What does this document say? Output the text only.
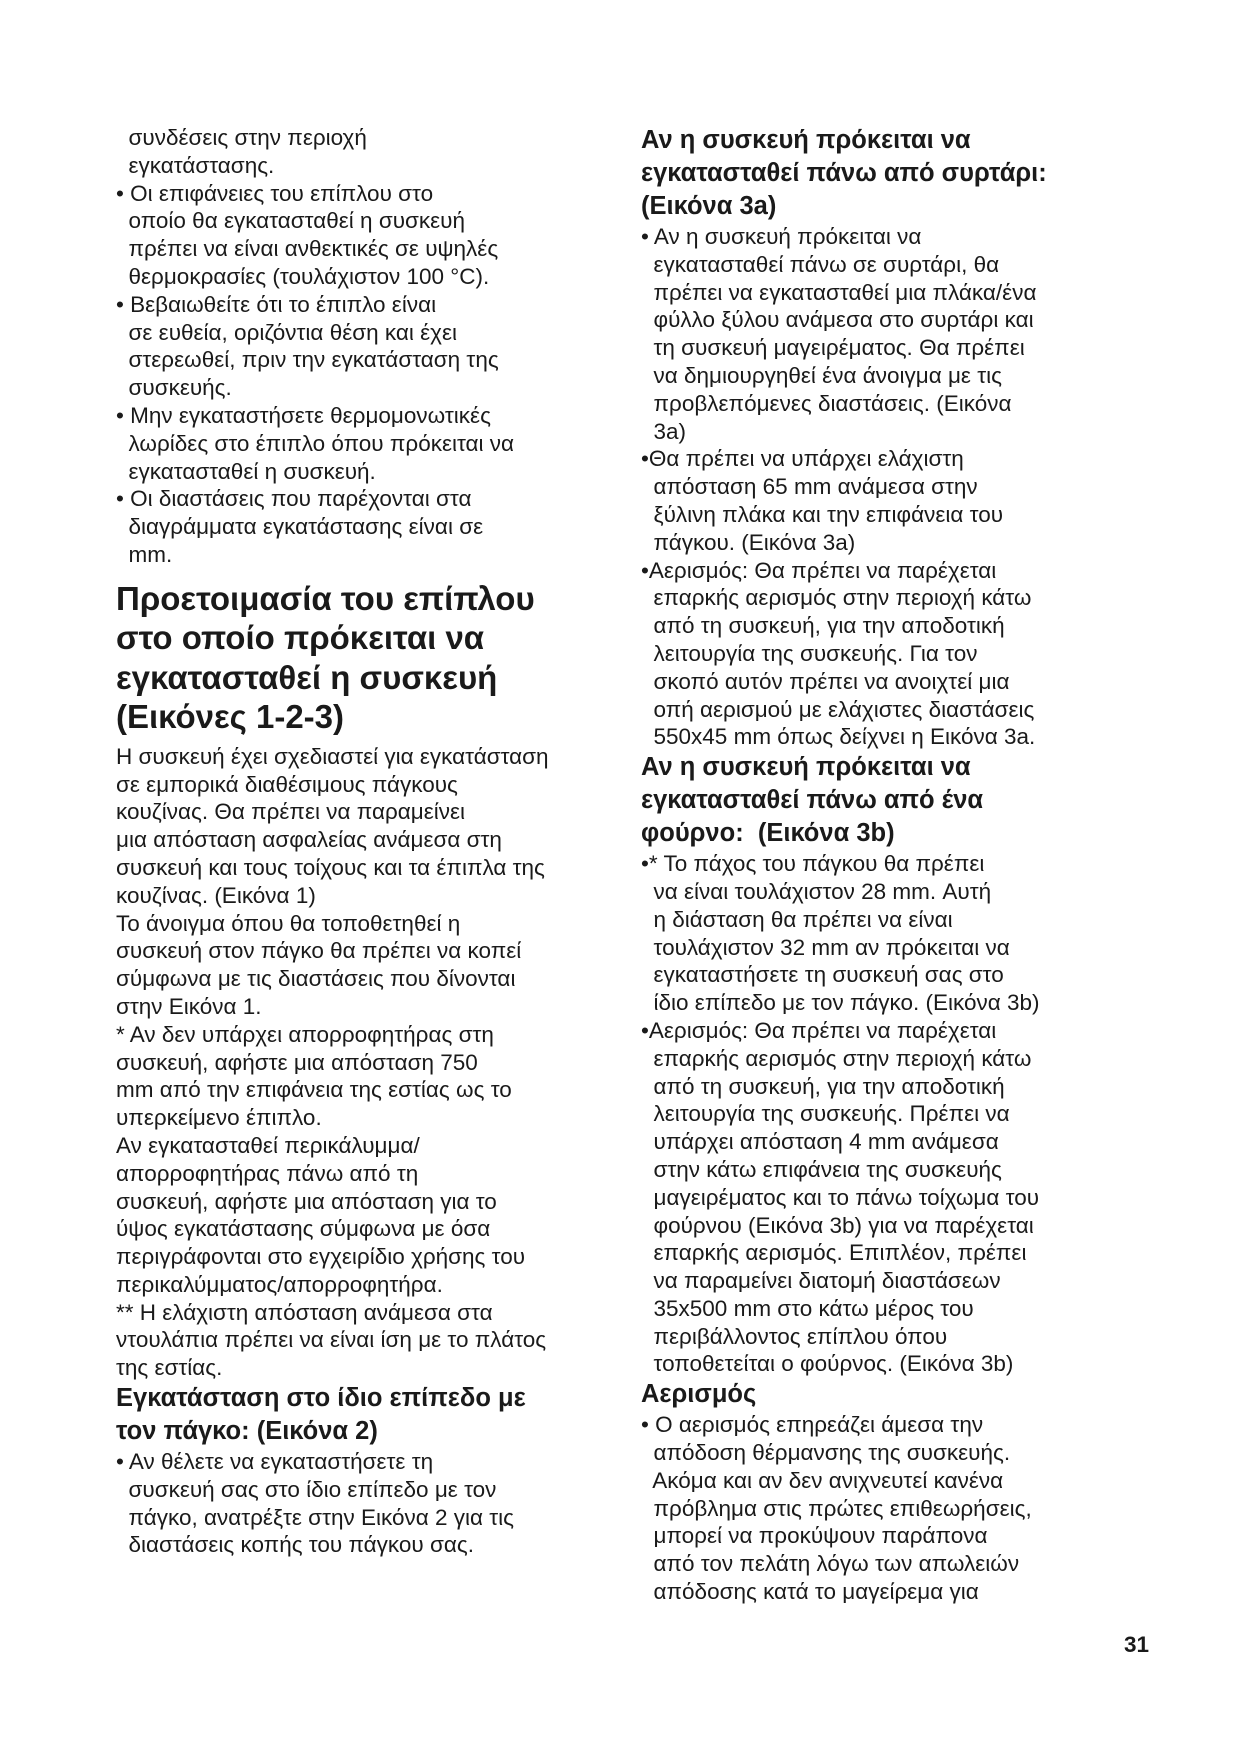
συνδέσεις στην περιοχή
εγκατάστασης.
• Οι επιφάνειες του επίπλου στο
οποίο θα εγκατασταθεί η συσκευή
πρέπει να είναι ανθεκτικές σε υψηλές
θερμοκρασίες (τουλάχιστον 100 °C).
• Βεβαιωθείτε ότι το έπιπλο είναι
σε ευθεία, οριζόντια θέση και έχει
στερεωθεί, πριν την εγκατάσταση της
συσκευής.
• Μην εγκαταστήσετε θερμομονωτικές
λωρίδες στο έπιπλο όπου πρόκειται να
εγκατασταθεί η συσκευή.
• Οι διαστάσεις που παρέχονται στα
διαγράμματα εγκατάστασης είναι σε
mm.
Προετοιμασία του επίπλου
στο οποίο πρόκειται να
εγκατασταθεί η συσκευή
(Εικόνες 1-2-3)
Η συσκευή έχει σχεδιαστεί για εγκατάσταση
σε εμπορικά διαθέσιμους πάγκους
κουζίνας. Θα πρέπει να παραμείνει
μια απόσταση ασφαλείας ανάμεσα στη
συσκευή και τους τοίχους και τα έπιπλα της
κουζίνας. (Εικόνα 1)
Το άνοιγμα όπου θα τοποθετηθεί η
συσκευή στον πάγκο θα πρέπει να κοπεί
σύμφωνα με τις διαστάσεις που δίνονται
στην Εικόνα 1.
* Αν δεν υπάρχει απορροφητήρας στη
συσκευή, αφήστε μια απόσταση 750
mm από την επιφάνεια της εστίας ως το
υπερκείμενο έπιπλο.
Αν εγκατασταθεί περικάλυμμα/
απορροφητήρας πάνω από τη
συσκευή, αφήστε μια απόσταση για το
ύψος εγκατάστασης σύμφωνα με όσα
περιγράφονται στο εγχειρίδιο χρήσης του
περικαλύμματος/απορροφητήρα.
** Η ελάχιστη απόσταση ανάμεσα στα
ντουλάπια πρέπει να είναι ίση με το πλάτος
της εστίας.
Εγκατάσταση στο ίδιο επίπεδο με
τον πάγκο: (Εικόνα 2)
• Αν θέλετε να εγκαταστήσετε τη
συσκευή σας στο ίδιο επίπεδο με τον
πάγκο, ανατρέξτε στην Εικόνα 2 για τις
διαστάσεις κοπής του πάγκου σας.
Αν η συσκευή πρόκειται να
εγκατασταθεί πάνω από συρτάρι:
(Εικόνα 3a)
• Αν η συσκευή πρόκειται να
εγκατασταθεί πάνω σε συρτάρι, θα
πρέπει να εγκατασταθεί μια πλάκα/ένα
φύλλο ξύλου ανάμεσα στο συρτάρι και
τη συσκευή μαγειρέματος. Θα πρέπει
να δημιουργηθεί ένα άνοιγμα με τις
προβλεπόμενες διαστάσεις. (Εικόνα
3a)
•Θα πρέπει να υπάρχει ελάχιστη
απόσταση 65 mm ανάμεσα στην
ξύλινη πλάκα και την επιφάνεια του
πάγκου. (Εικόνα 3a)
•Αερισμός: Θα πρέπει να παρέχεται
επαρκής αερισμός στην περιοχή κάτω
από τη συσκευή, για την αποδοτική
λειτουργία της συσκευής. Για τον
σκοπό αυτόν πρέπει να ανοιχτεί μια
οπή αερισμού με ελάχιστες διαστάσεις
550x45 mm όπως δείχνει η Εικόνα 3a.
Αν η συσκευή πρόκειται να
εγκατασταθεί πάνω από ένα
φούρνο:  (Εικόνα 3b)
•* Το πάχος του πάγκου θα πρέπει
να είναι τουλάχιστον 28 mm. Αυτή
η διάσταση θα πρέπει να είναι
τουλάχιστον 32 mm αν πρόκειται να
εγκαταστήσετε τη συσκευή σας στο
ίδιο επίπεδο με τον πάγκο. (Εικόνα 3b)
•Αερισμός: Θα πρέπει να παρέχεται
επαρκής αερισμός στην περιοχή κάτω
από τη συσκευή, για την αποδοτική
λειτουργία της συσκευής. Πρέπει να
υπάρχει απόσταση 4 mm ανάμεσα
στην κάτω επιφάνεια της συσκευής
μαγειρέματος και το πάνω τοίχωμα του
φούρνου (Εικόνα 3b) για να παρέχεται
επαρκής αερισμός. Επιπλέον, πρέπει
να παραμείνει διατομή διαστάσεων
35x500 mm στο κάτω μέρος του
περιβάλλοντος επίπλου όπου
τοποθετείται ο φούρνος. (Εικόνα 3b)
Αερισμός
• Ο αερισμός επηρεάζει άμεσα την
απόδοση θέρμανσης της συσκευής.
Ακόμα και αν δεν ανιχνευτεί κανένα
πρόβλημα στις πρώτες επιθεωρήσεις,
μπορεί να προκύψουν παράπονα
από τον πελάτη λόγω των απωλειών
απόδοσης κατά το μαγείρεμα για
31
